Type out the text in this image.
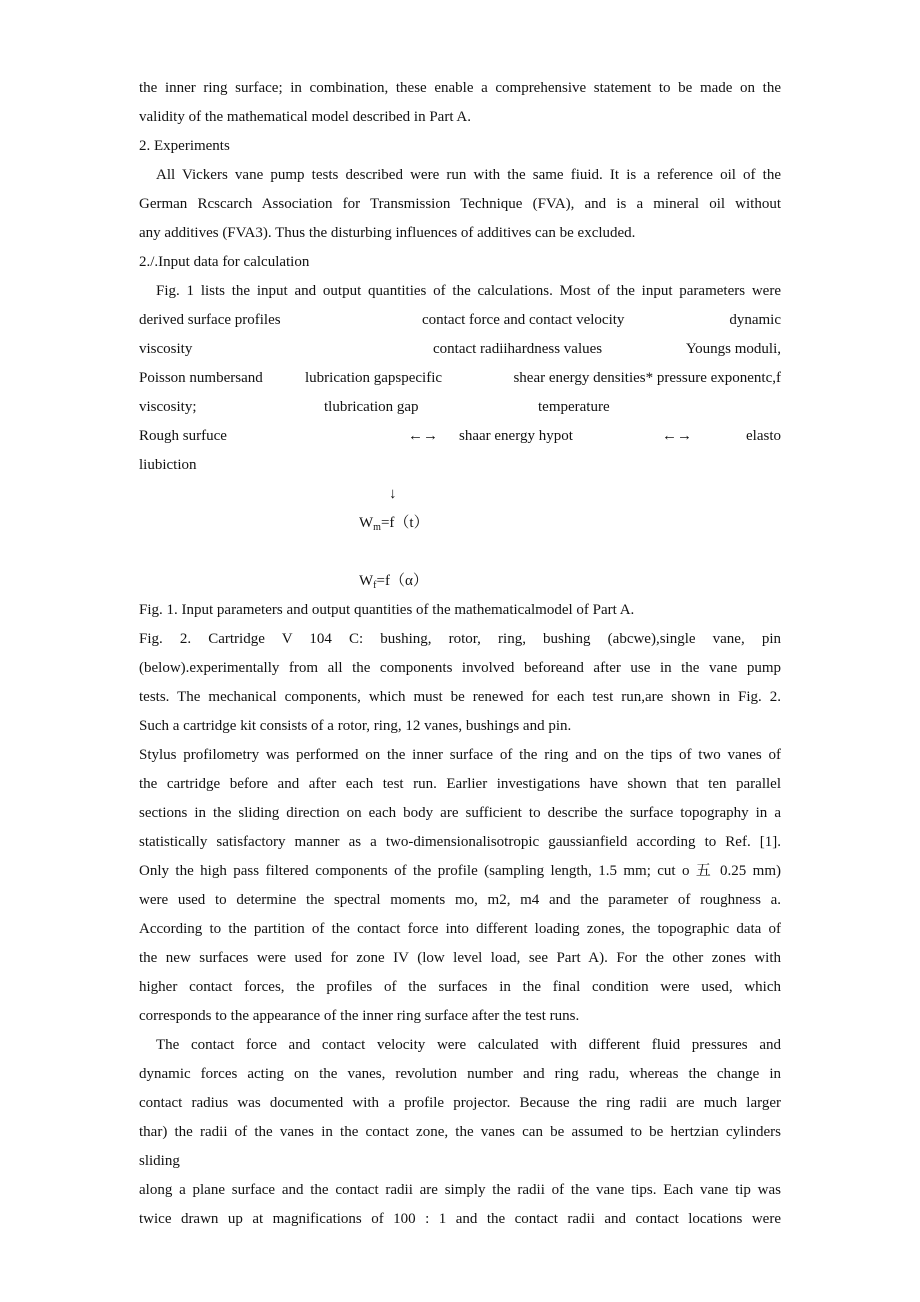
the inner ring surface; in combination, these enable a comprehensive statement to be made on the
validity of the mathematical model described in Part A.
2. Experiments
All Vickers vane pump tests described were run with the same fiuid. It is a reference oil of the
German Rcscarch Association for Transmission Technique (FVA), and is a mineral oil without
any additives (FVA3). Thus the disturbing influences of additives can be excluded.
2./.Input data for calculation
Fig. 1 lists the input and output quantities of the calculations. Most of the input parameters were
derived surface profiles	contact force and contact velocity	dynamic
viscosity	contact radiihardness values	Youngs moduli,
Poisson numbersand	lubrication gapspecific	shear energy densities* pressure exponentc,f
viscosity;	tlubrication gap	temperature
Rough surfuce	←→ shaar energy hypot	←→	elasto
liubiction
↓
$W_m=f(t)$
$W_f=f(\alpha)$
Fig. 1. Input parameters and output quantities of the mathematicalmodel of Part A.
Fig. 2. Cartridge V 104 C: bushing, rotor, ring, bushing (abcwe),single vane, pin
(below).experimentally from all the components involved beforeand after use in the vane pump
tests. The mechanical components, which must be renewed for each test run,are shown in Fig. 2.
Such a cartridge kit consists of a rotor, ring, 12 vanes, bushings and pin.
Stylus profilometry was performed on the inner surface of the ring and on the tips of two vanes of
the cartridge before and after each test run. Earlier investigations have shown that ten parallel
sections in the sliding direction on each body are sufficient to describe the surface topography in a
statistically satisfactory manner as a two-dimensionalisotropic gaussianfield according to Ref. [1].
Only the high pass filtered components of the profile (sampling length, 1.5 mm; cut o 五 0.25 mm)
were used to determine the spectral moments mo, m2, m4 and the parameter of roughness a.
According to the partition of the contact force into different loading zones, the topographic data of
the new surfaces were used for zone IV (low level load, see Part A). For the other zones with
higher contact forces, the profiles of the surfaces in the final condition were used, which
corresponds to the appearance of the inner ring surface after the test runs.
The contact force and contact velocity were calculated with different fluid pressures and
dynamic forces acting on the vanes, revolution number and ring radu, whereas the change in
contact radius was documented with a profile projector. Because the ring radii are much larger
thar) the radii of the vanes in the contact zone, the vanes can be assumed to be hertzian cylinders
sliding
along a plane surface and the contact radii are simply the radii of the vane tips. Each vane tip was
twice drawn up at magnifications of 100 : 1 and the contact radii and contact locations were
